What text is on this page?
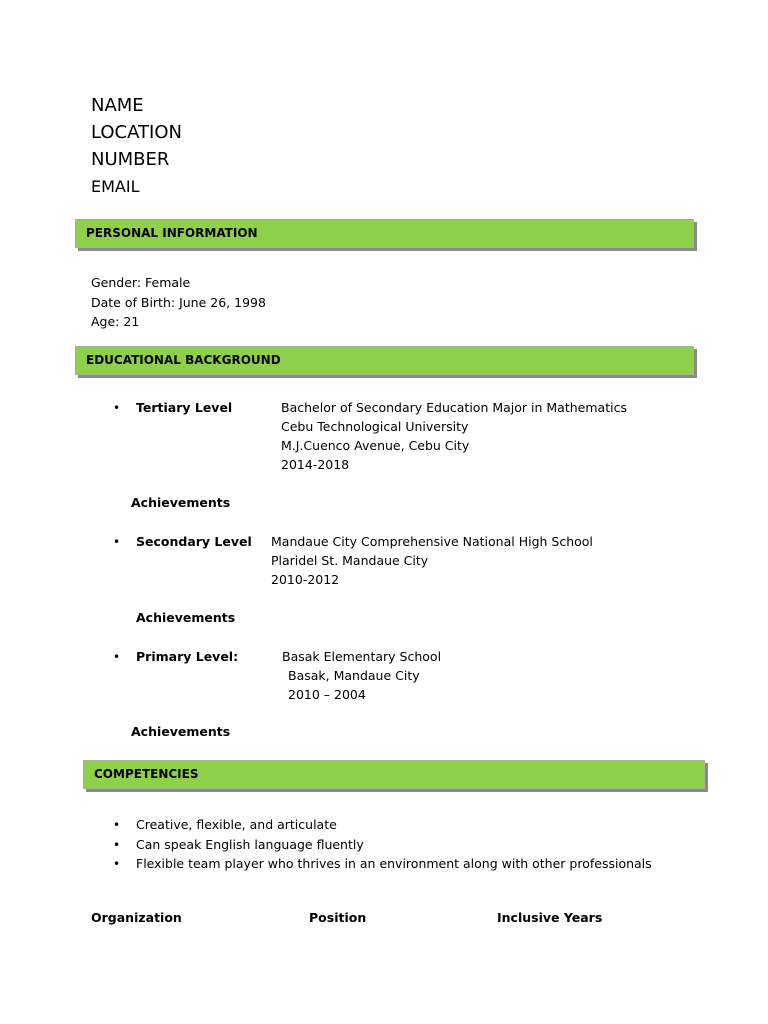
NAME
LOCATION
NUMBER
EMAIL
PERSONAL INFORMATION
Gender: Female
Date of Birth: June 26, 1998
Age: 21
EDUCATIONAL BACKGROUND
• Tertiary Level	Bachelor of Secondary Education Major in Mathematics
Cebu Technological University
M.J.Cuenco Avenue, Cebu City
2014-2018
Achievements
• Secondary Level Mandaue City Comprehensive National High School
Plaridel St. Mandaue City
2010-2012
Achievements
• Primary Level:	Basak Elementary School
Basak, Mandaue City
2010 – 2004
Achievements
COMPETENCIES
• Creative, flexible, and articulate
• Can speak English language fluently
• Flexible team player who thrives in an environment along with other professionals
Organization	Position	Inclusive Years
